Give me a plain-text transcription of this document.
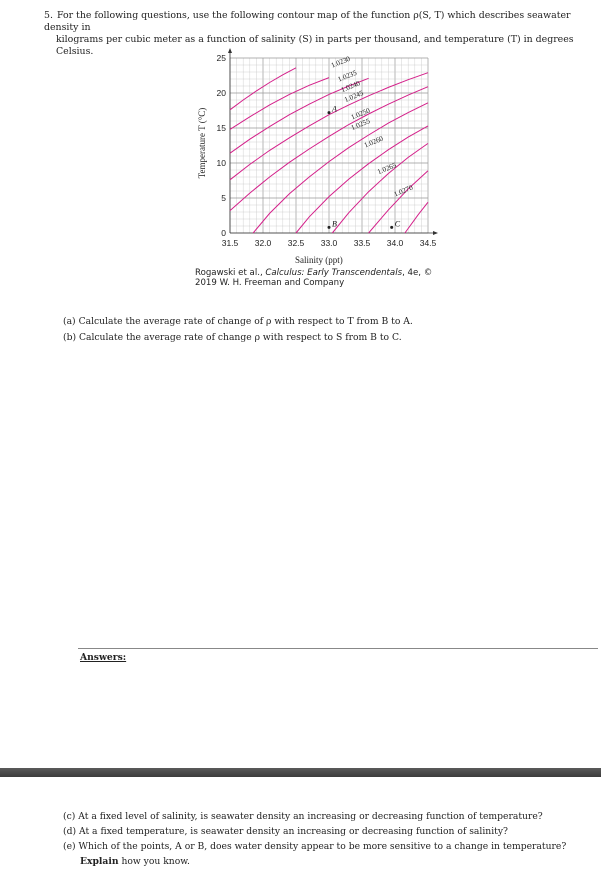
5. For the following questions, use the following contour map of the function ρ(S, T) which describes seawater density in
kilograms per cubic meter as a function of salinity (S) in parts per thousand, and temperature (T) in degrees Celsius.
1.0230
1.0235
1.0240
1.0245
1.0250
1.0255
1.0260
1.0265
1.0270
A
B	C
31.5 32.0 32.5 33.0 33.5 34.0 34.5
0
5
10
15
20
25
Temperature T (°C)
Salinity (ppt)
Rogawski et al., Calculus: Early Transcendentals, 4e, ©
2019 W. H. Freeman and Company
(a) Calculate the average rate of change of ρ with respect to T from B to A.
(b) Calculate the average rate of change ρ with respect to S from B to C.
Answers:
(c) At a fixed level of salinity, is seawater density an increasing or decreasing function of temperature?
(d) At a fixed temperature, is seawater density an increasing or decreasing function of salinity?
(e) Which of the points, A or B, does water density appear to be more sensitive to a change in temperature?
Explain how you know.
